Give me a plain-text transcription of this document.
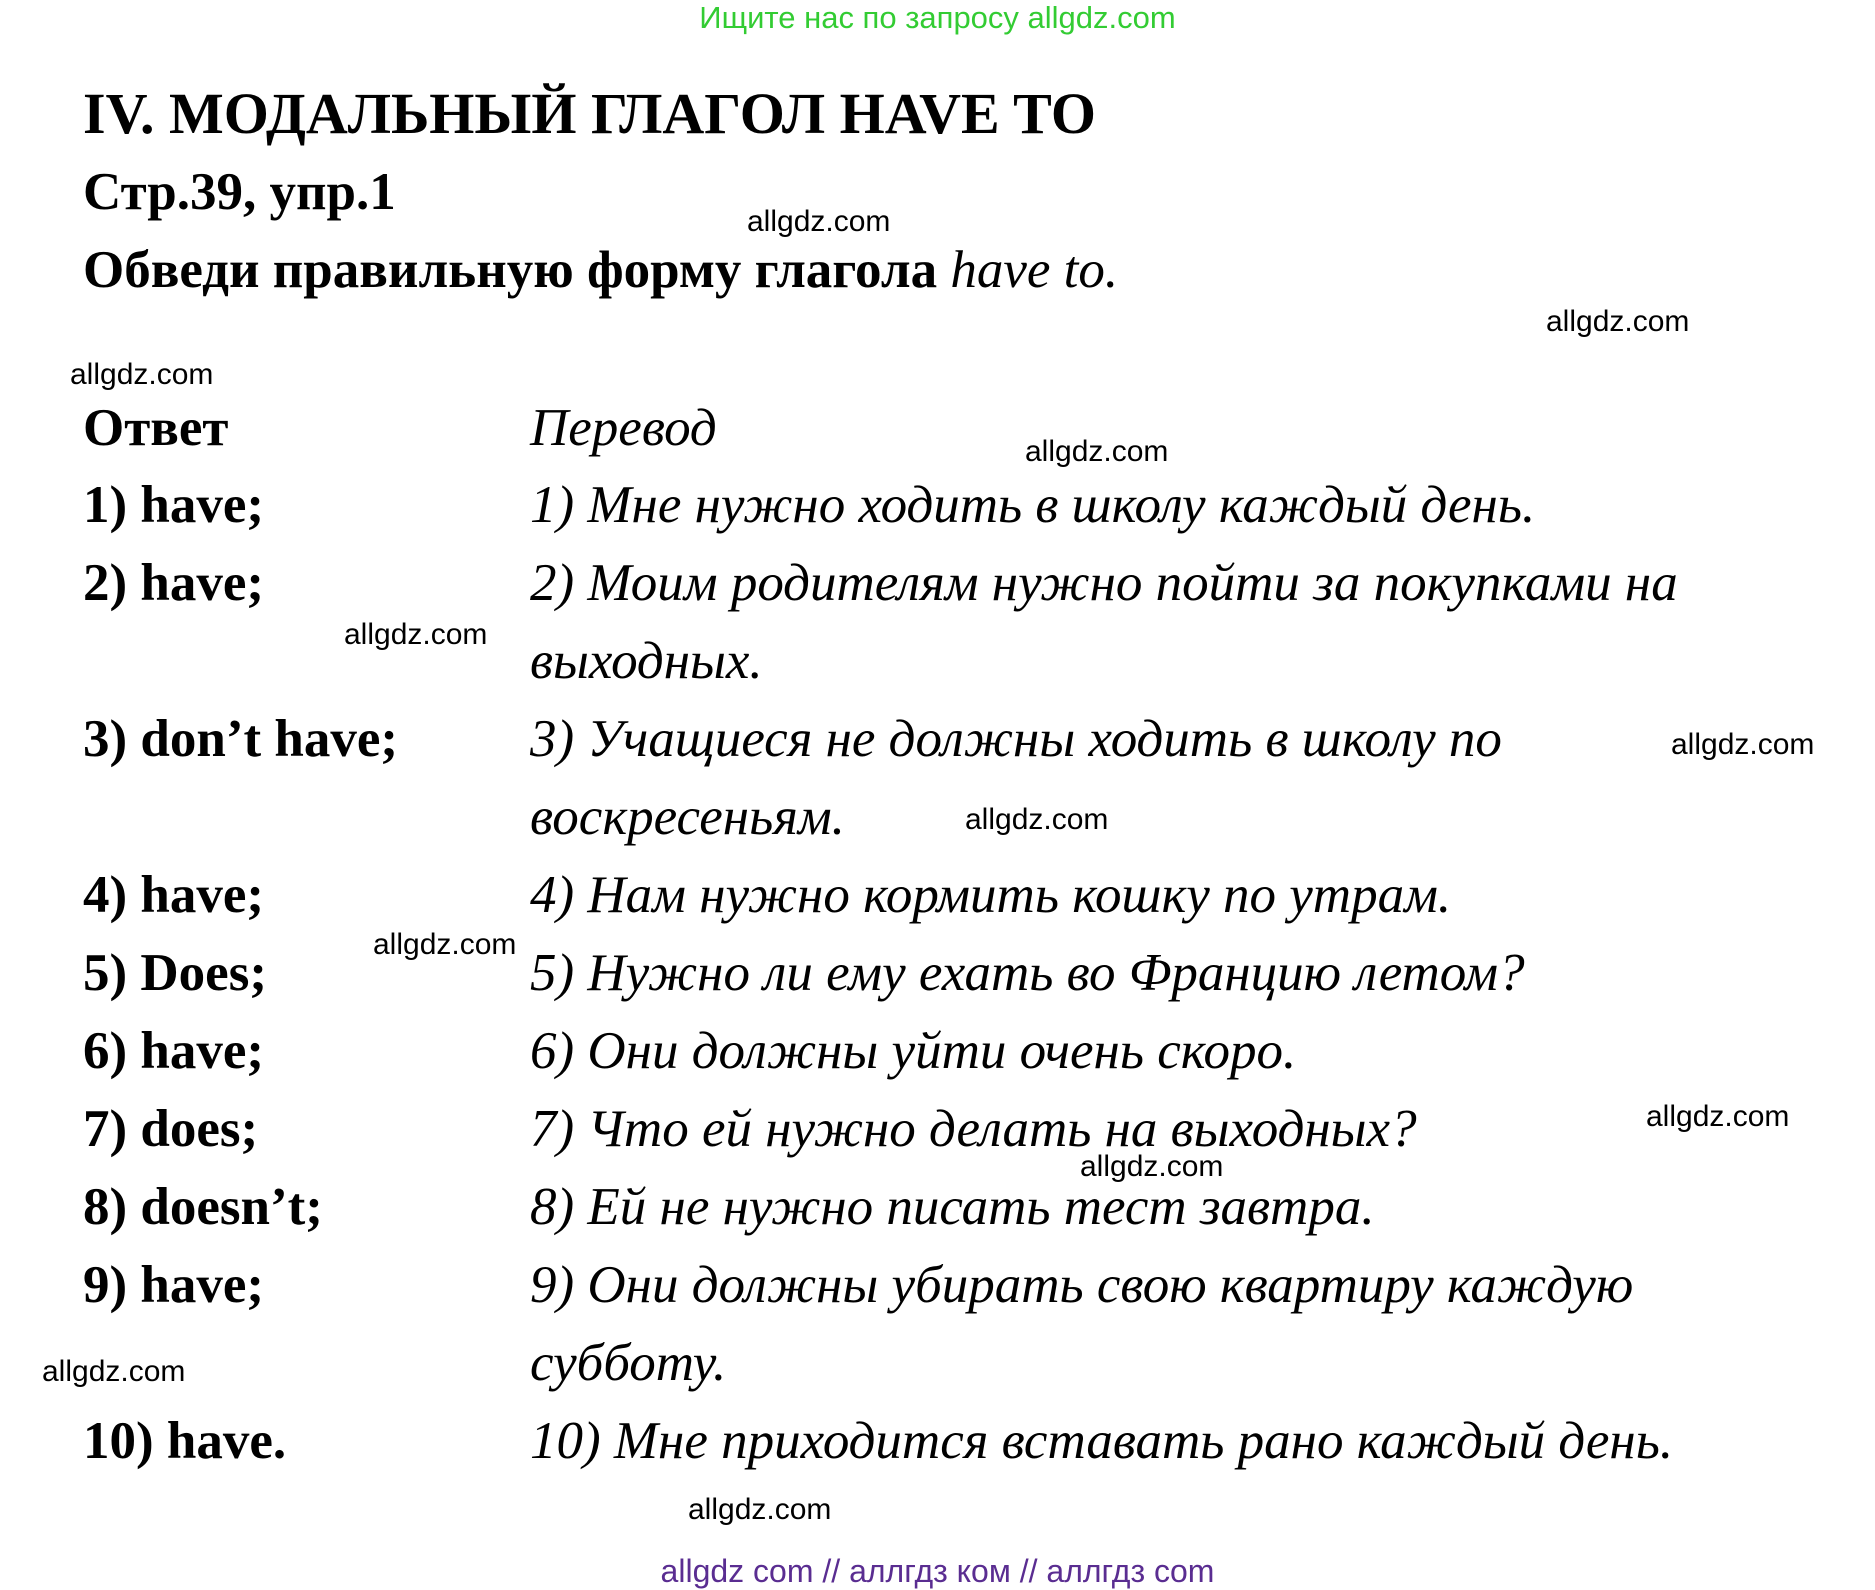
Ищите нас по запросу allgdz.com
IV. МОДАЛЬНЫЙ ГЛАГОЛ HAVE TO
Стр.39, упр.1
Обведи правильную форму глагола have to.
Ответ	Перевод
1) have;
2) have;
3) don’t have;
4) have;
5) Does;
6) have;
7) does;
8) doesn’t;
9) have;
10) have.
1) Мне нужно ходить в школу каждый день.
2) Моим родителям нужно пойти за покупками на
выходных.
3) Учащиеся не должны ходить в школу по
воскресеньям.
4) Нам нужно кормить кошку по утрам.
5) Нужно ли ему ехать во Францию летом?
6) Они должны уйти очень скоро.
7) Что ей нужно делать на выходных?
8) Ей не нужно писать тест завтра.
9) Они должны убирать свою квартиру каждую
субботу.
10) Мне приходится вставать рано каждый день.
allgdz.com
allgdz.com
allgdz.com
allgdz.com
allgdz.com
allgdz.com
allgdz.com
allgdz.com
allgdz.com
allgdz.com
allgdz.com
allgdz.com
allgdz com // аллгдз ком // аллгдз com
